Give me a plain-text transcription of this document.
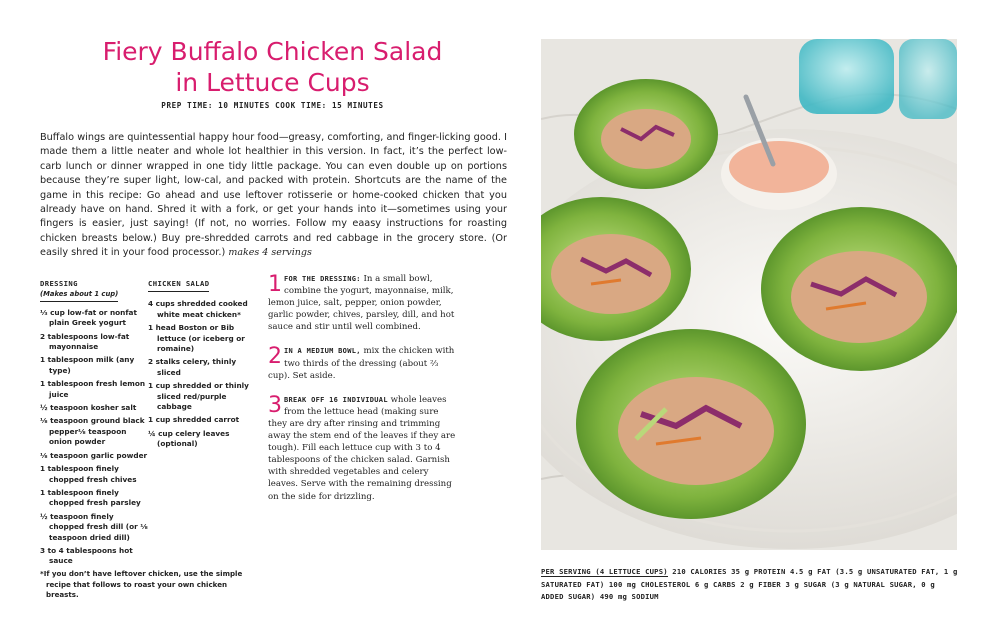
Fiery Buffalo Chicken Salad
in Lettuce Cups
PREP TIME: 10 MINUTES COOK TIME: 15 MINUTES

Buffalo wings are quintessential happy hour food—greasy, comforting, and finger-licking good. I made them a little neater and whole lot healthier in this version. In fact, it’s the perfect low-carb lunch or dinner wrapped in one tidy little package. You can even double up on portions because they’re super light, low-cal, and packed with protein. Shortcuts are the name of the game in this recipe: Go ahead and use leftover rotisserie or home-cooked chicken that you already have on hand. Shred it with a fork, or get your hands into it—sometimes using your fingers is easier, just saying! (If not, no worries. Follow my eaasy instructions for roasting chicken breasts below.) Buy pre-shredded carrots and red cabbage in the grocery store. (Or easily shred it in your food processor.) makes 4 servings

DRESSING
(Makes about 1 cup)
⅓ cup low-fat or nonfat plain Greek yogurt
2 tablespoons low-fat mayonnaise
1 tablespoon milk (any type)
1 tablespoon fresh lemon juice
½ teaspoon kosher salt
⅛ teaspoon ground black pepper⅛ teaspoon onion powder
⅛ teaspoon garlic powder
1 tablespoon finely chopped fresh chives
1 tablespoon finely chopped fresh parsley
½ teaspoon finely chopped fresh dill (or ⅛ teaspoon dried dill)
3 to 4 tablespoons hot sauce
CHICKEN SALAD
4 cups shredded cooked white meat chicken*
1 head Boston or Bib lettuce (or iceberg or romaine)
2 stalks celery, thinly sliced
1 cup shredded or thinly sliced red/purple cabbage
1 cup shredded carrot
¼ cup celery leaves (optional)
*If you don’t have leftover chicken, use the simple recipe that follows to roast your own chicken breasts.
1 FOR THE DRESSING: In a small bowl, combine the yogurt, mayonnaise, milk, lemon juice, salt, pepper, onion powder, garlic powder, chives, parsley, dill, and hot sauce and stir until well combined.
2 IN A MEDIUM BOWL, mix the chicken with two thirds of the dressing (about ⅔ cup). Set aside.
3 BREAK OFF 16 INDIVIDUAL whole leaves from the lettuce head (making sure they are dry after rinsing and trimming away the stem end of the leaves if they are tough). Fill each lettuce cup with 3 to 4 tablespoons of the chicken salad. Garnish with shredded vegetables and celery leaves. Serve with the remaining dressing on the side for drizzling.
PER SERVING (4 LETTUCE CUPS) 210 CALORIES 35 g PROTEIN 4.5 g FAT (3.5 g UNSATURATED FAT, 1 g SATURATED FAT) 100 mg CHOLESTEROL 6 g CARBS 2 g FIBER 3 g SUGAR (3 g NATURAL SUGAR, 0 g ADDED SUGAR) 490 mg SODIUM
